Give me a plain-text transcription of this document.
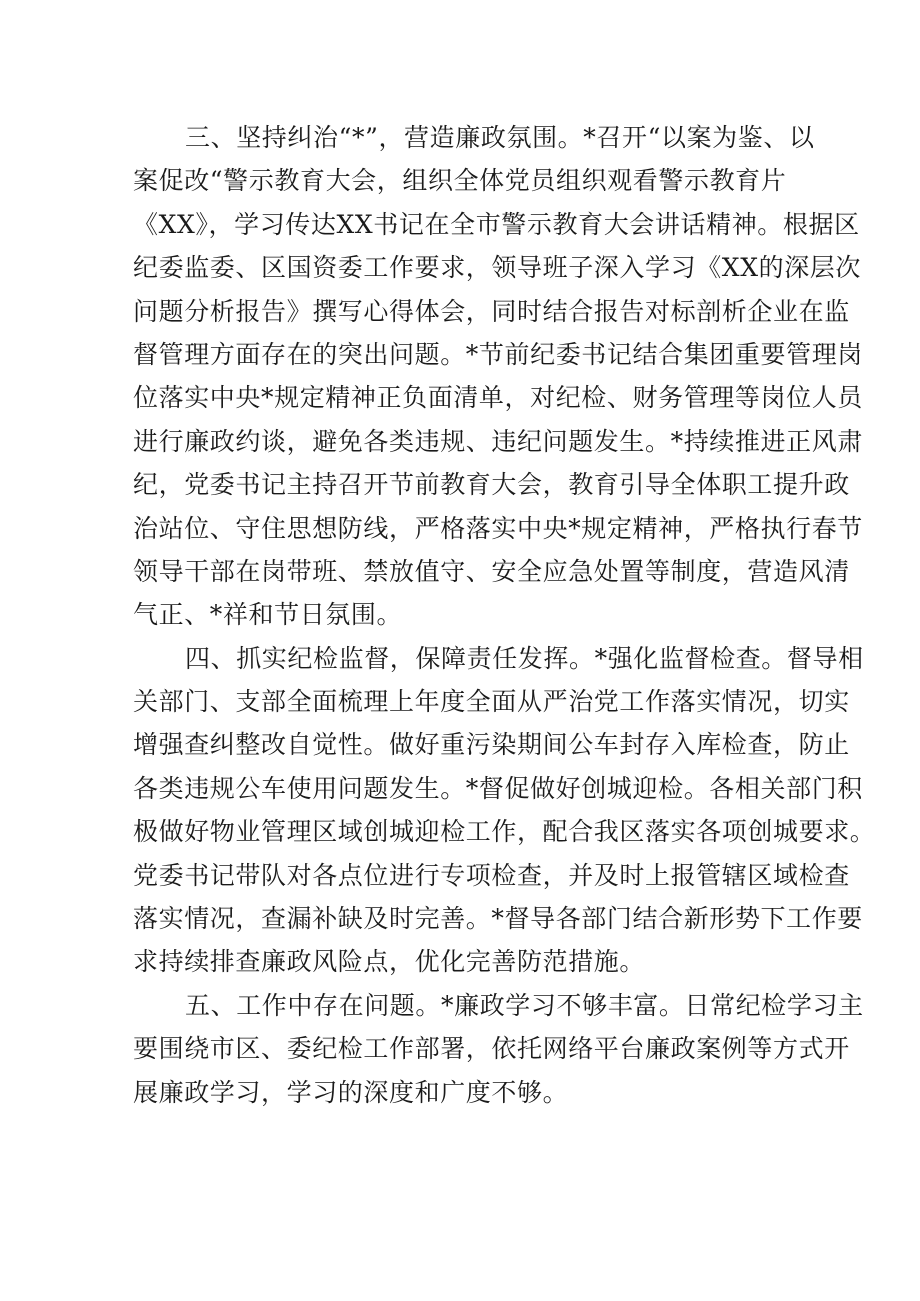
三、坚持纠治“*”，营造廉政氛围。*召开“以案为鉴、以
案促改“警示教育大会，组织全体党员组织观看警示教育片
《XX》，学习传达XX书记在全市警示教育大会讲话精神。根据区
纪委监委、区国资委工作要求，领导班子深入学习《XX的深层次
问题分析报告》撰写心得体会，同时结合报告对标剖析企业在监
督管理方面存在的突出问题。*节前纪委书记结合集团重要管理岗
位落实中央*规定精神正负面清单，对纪检、财务管理等岗位人员
进行廉政约谈，避免各类违规、违纪问题发生。*持续推进正风肃
纪，党委书记主持召开节前教育大会，教育引导全体职工提升政
治站位、守住思想防线，严格落实中央*规定精神，严格执行春节
领导干部在岗带班、禁放值守、安全应急处置等制度，营造风清
气正、*祥和节日氛围。
四、抓实纪检监督，保障责任发挥。*强化监督检查。督导相
关部门、支部全面梳理上年度全面从严治党工作落实情况，切实
增强查纠整改自觉性。做好重污染期间公车封存入库检查，防止
各类违规公车使用问题发生。*督促做好创城迎检。各相关部门积
极做好物业管理区域创城迎检工作，配合我区落实各项创城要求。
党委书记带队对各点位进行专项检查，并及时上报管辖区域检查
落实情况，查漏补缺及时完善。*督导各部门结合新形势下工作要
求持续排查廉政风险点，优化完善防范措施。
五、工作中存在问题。*廉政学习不够丰富。日常纪检学习主
要围绕市区、委纪检工作部署，依托网络平台廉政案例等方式开
展廉政学习，学习的深度和广度不够。
